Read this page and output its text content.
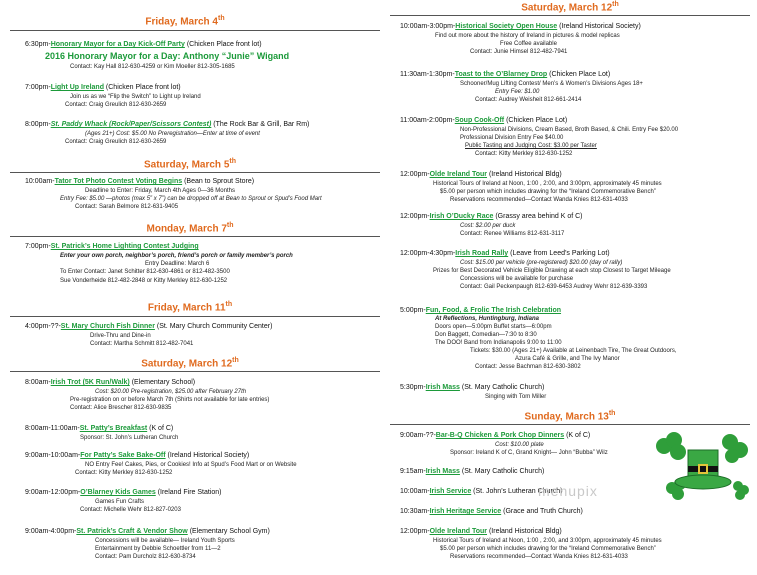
Friday, March 4th
6:30pm-Honorary Mayor for a Day Kick-Off Party (Chicken Place front lot)
2016 Honorary Mayor for a Day: Anthony “Junie” Wigand
Contact: Kay Hall 812-630-4259 or Kim Moeller 812-305-1685
7:00pm-Light Up Ireland (Chicken Place front lot)
Join us as we “Flip the Switch” to Light up Ireland
Contact: Craig Greulich 812-630-2659
8:00pm-St. Paddy Whack (Rock/Paper/Scissors Contest) (The Rock Bar & Grill, Bar Rm)
(Ages 21+) Cost: $5.00 No Preregistration—Enter at time of event
Contact: Craig Greulich 812-630-2659
Saturday, March 5th
10:00am-Tator Tot Photo Contest Voting Begins (Bean to Sprout Store)
Deadline to Enter: Friday, March 4th Ages 0—36 Months
Entry Fee: $5.00 —photos (max 5” x 7”) can be dropped off at Bean to Sprout or Spud’s Food Mart
Contact: Sarah Belmore 812-631-9405
Monday, March 7th
7:00pm-St. Patrick’s Home Lighting Contest Judging
Enter your own porch, neighbor’s porch, friend’s porch or family member’s porch
Entry Deadline: March 6
To Enter Contact: Janet Schitter 812-630-4861 or 812-482-3500
Sue Vonderheide 812-482-2848 or Kitty Merkley 812-630-1252
Friday, March 11th
4:00pm-??-St. Mary Church Fish Dinner (St. Mary Church Community Center)
Drive-Thru and Dine-in
Contact: Martha Schmitt 812-482-7041
Saturday, March 12th
8:00am-Irish Trot (5K Run/Walk) (Elementary School)
Cost: $20.00 Pre-registration, $25.00 after February 27th
Pre-registration on or before March 7th (Shirts not available for late entries)
Contact: Alice Brescher 812-630-9835
8:00am-11:00am-St. Patty’s Breakfast (K of C)
Sponsor: St. John’s Lutheran Church
9:00am-10:00am-For Patty’s Sake Bake-Off (Ireland Historical Society)
NO Entry Fee! Cakes, Pies, or Cookies! Info at Spud’s Food Mart or on Website
Contact: Kitty Merkley 812-630-1252
9:00am-12:00pm-O’Blarney Kids Games (Ireland Fire Station)
Games Fun Crafts
Contact: Michelle Wehr 812-827-0203
9:00am-4:00pm-St. Patrick’s Craft & Vendor Show (Elementary School Gym)
Concessions will be available— Ireland Youth Sports
Entertainment by Debbie Schoettler from 11—2
Contact: Pam Durcholz 812-630-8734
Saturday, March 12th
10:00am-3:00pm-Historical Society Open House (Ireland Historical Society)
Find out more about the history of Ireland in pictures & model replicas
Free Coffee available
Contact: Junie Himsel 812-482-7941
11:30am-1:30pm-Toast to the O’Blarney Drop (Chicken Place Lot)
Schooner/Mug Lifting Contest/ Men’s & Women’s Divisions Ages 18+
Entry Fee: $1.00
Contact: Audrey Weisheit 812-661-2414
11:00am-2:00pm-Soup Cook-Off (Chicken Place Lot)
Non-Professional Divisions, Cream Based, Broth Based, & Chili. Entry Fee $20.00
Professional Division Entry Fee $40.00
Public Tasting and Judging Cost: $3.00 per Taster
Contact: Kitty Merkley 812-630-1252
12:00pm-Olde Ireland Tour (Ireland Historical Bldg)
Historical Tours of Ireland at Noon, 1:00 , 2:00, and 3:00pm, approximately 45 minutes
$5.00 per person which includes drawing for the “Ireland Commemorative Bench”
Reservations recommended—Contact Wanda Knies 812-631-4033
12:00pm-Irish O’Ducky Race (Grassy area behind K of C)
Cost: $2.00 per duck
Contact: Renee Williams 812-631-3117
12:00pm-4:30pm-Irish Road Rally (Leave from Leed’s Parking Lot)
Cost: $15.00 per vehicle (pre-registered) $20.00 (day of rally)
Prizes for Best Decorated Vehicle Eligible Drawing at each stop Closest to Target Mileage
Concessions will be available for purchase
Contact: Gail Peckenpaugh 812-639-6453 Audrey Wehr 812-639-3393
5:00pm-Fun, Food, & Frolic The Irish Celebration
At Reflections, Huntingburg, Indiana
Doors open—5:00pm Buffet starts—6:00pm
Don Baggett, Comedian—7:30 to 8:30
The DOO! Band from Indianapolis 9:00 to 11:00
Tickets: $30.00 (Ages 21+) Available at Leinenbach Tire, The Great Outdoors,
Azura Café & Grille, and The Ivy Manor
Contact: Jesse Bachman 812-630-3802
5:30pm-Irish Mass (St. Mary Catholic Church)
Singing with Tom Miller
Sunday, March 13th
9:00am-??-Bar-B-Q Chicken & Pork Chop Dinners (K of C)
Cost: $10.00 plate
Sponsor: Ireland K of C, Grand Knight— John “Bubba” Wilz
9:15am-Irish Mass (St. Mary Catholic Church)
10:00am-Irish Service (St. John’s Lutheran Church)
10:30am-Irish Heritage Service (Grace and Truth Church)
12:00pm-Olde Ireland Tour (Ireland Historical Bldg)
Historical Tours of Ireland at Noon, 1:00 , 2:00, and 3:00pm, approximately 45 minutes
$5.00 per person which includes drawing for the “Ireland Commemorative Bench”
Reservations recommended—Contact Wanda Knies 812-631-4033
menupix
